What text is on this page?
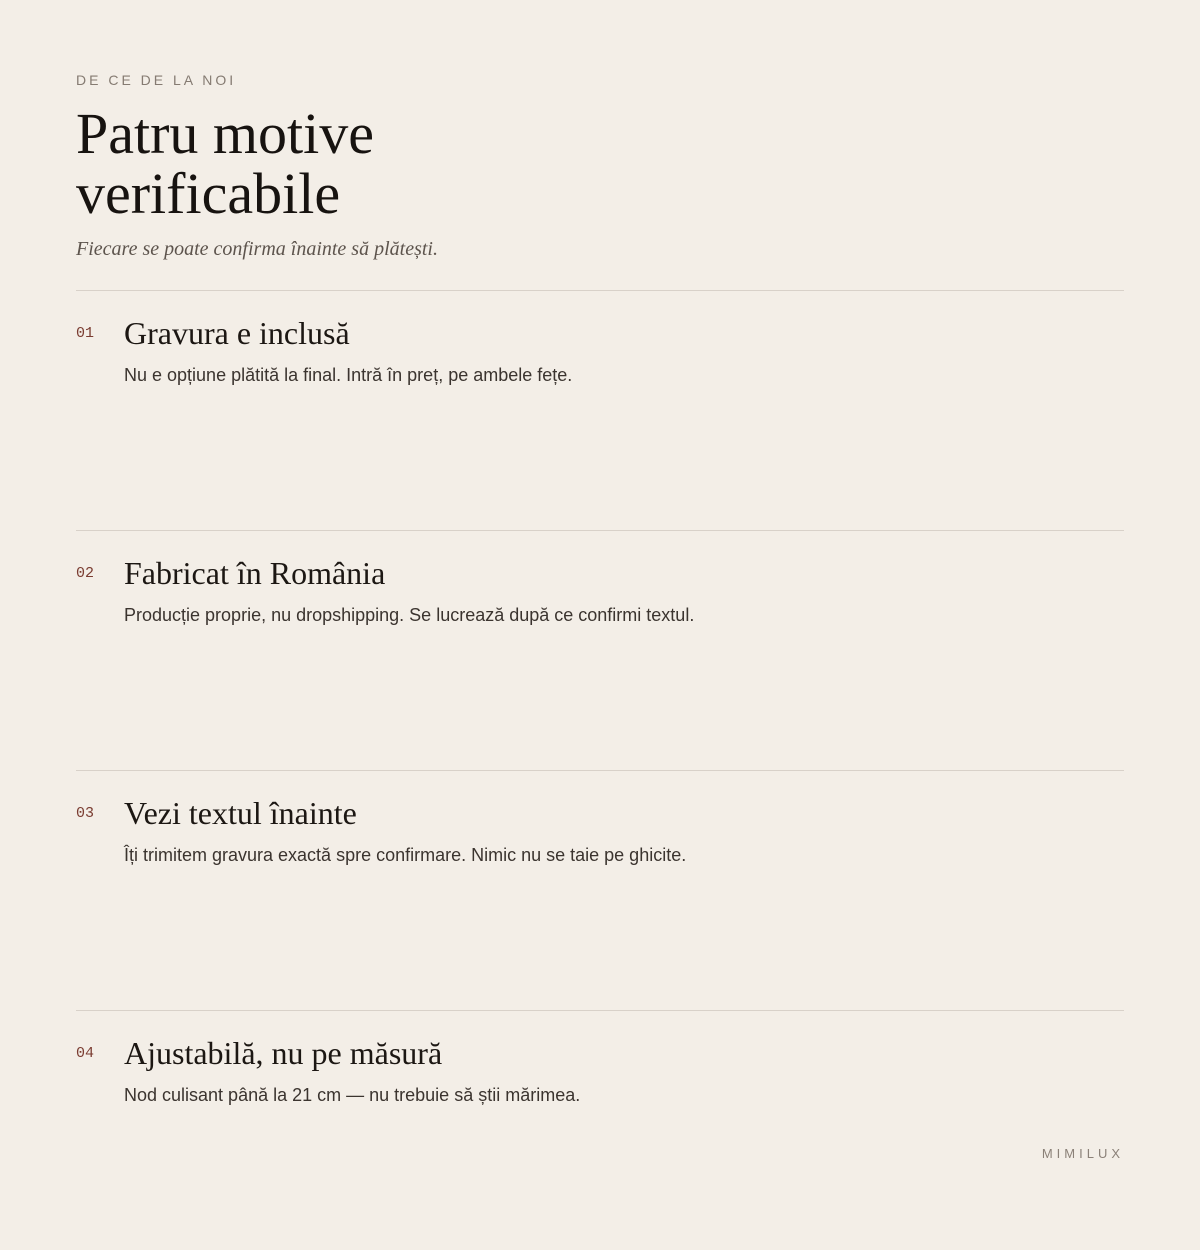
DE CE DE LA NOI
Patru motive verificabile
Fiecare se poate confirma înainte să plătești.
01 Gravura e inclusă

Nu e opțiune plătită la final. Intră în preț, pe ambele fețe.

02 Fabricat în România

Producție proprie, nu dropshipping. Se lucrează după ce confirmi textul.

03 Vezi textul înainte

Îți trimitem gravura exactă spre confirmare. Nimic nu se taie pe ghicite.

04 Ajustabilă, nu pe măsură

Nod culisant până la 21 cm — nu trebuie să știi mărimea.

MIMILUX
